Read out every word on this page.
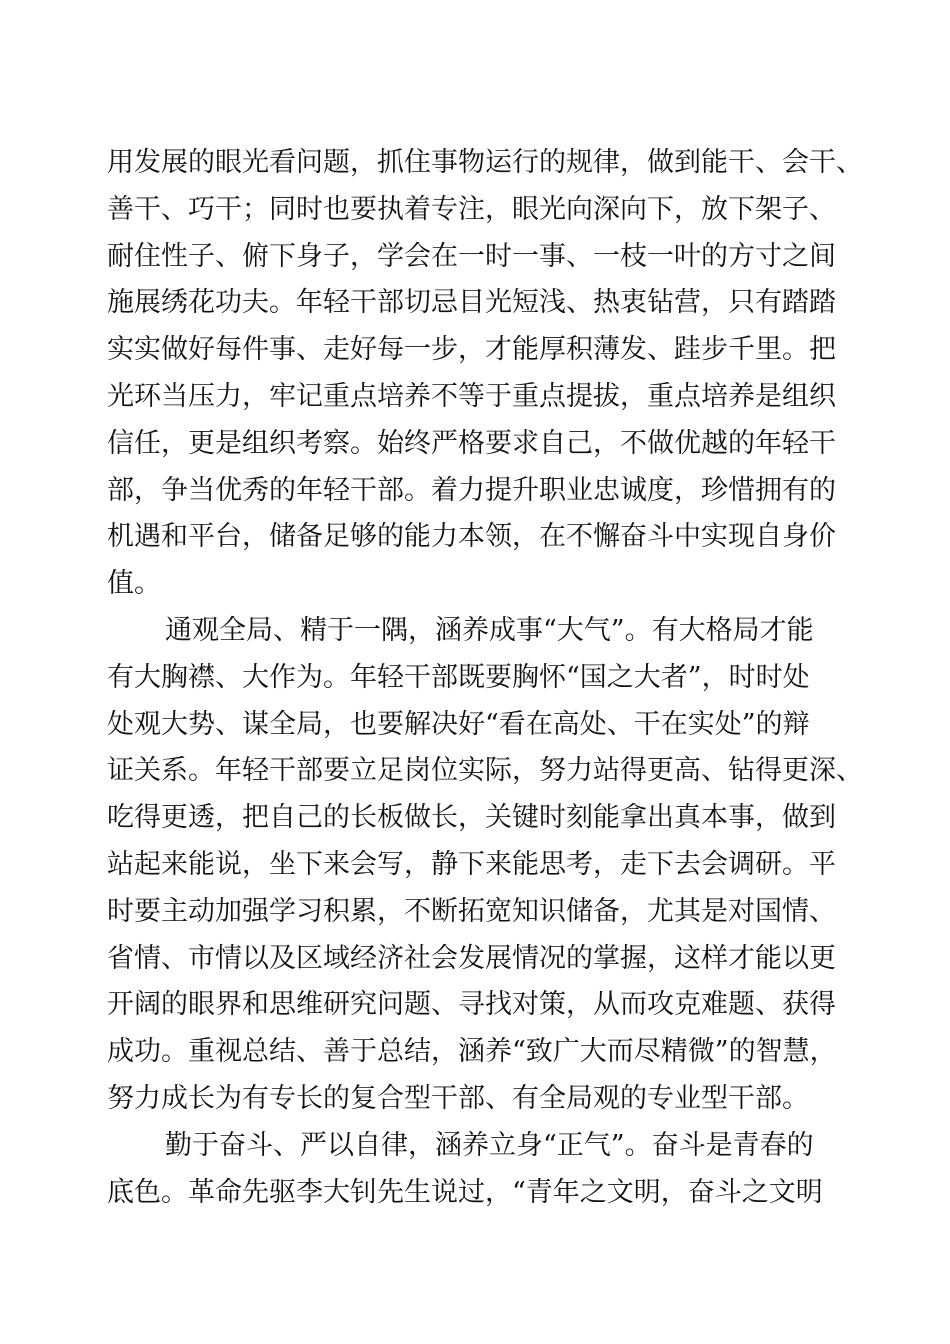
用发展的眼光看问题，抓住事物运行的规律，做到能干、会干、
善干、巧干；同时也要执着专注，眼光向深向下，放下架子、
耐住性子、俯下身子，学会在一时一事、一枝一叶的方寸之间
施展绣花功夫。年轻干部切忌目光短浅、热衷钻营，只有踏踏
实实做好每件事、走好每一步，才能厚积薄发、跬步千里。把
光环当压力，牢记重点培养不等于重点提拔，重点培养是组织
信任，更是组织考察。始终严格要求自己，不做优越的年轻干
部，争当优秀的年轻干部。着力提升职业忠诚度，珍惜拥有的
机遇和平台，储备足够的能力本领，在不懈奋斗中实现自身价
值。
通观全局、精于一隅，涵养成事“大气”。有大格局才能
有大胸襟、大作为。年轻干部既要胸怀“国之大者”，时时处
处观大势、谋全局，也要解决好“看在高处、干在实处”的辩
证关系。年轻干部要立足岗位实际，努力站得更高、钻得更深、
吃得更透，把自己的长板做长，关键时刻能拿出真本事，做到
站起来能说，坐下来会写，静下来能思考，走下去会调研。平
时要主动加强学习积累，不断拓宽知识储备，尤其是对国情、
省情、市情以及区域经济社会发展情况的掌握，这样才能以更
开阔的眼界和思维研究问题、寻找对策，从而攻克难题、获得
成功。重视总结、善于总结，涵养“致广大而尽精微”的智慧，
努力成长为有专长的复合型干部、有全局观的专业型干部。
勤于奋斗、严以自律，涵养立身“正气”。奋斗是青春的
底色。革命先驱李大钊先生说过，“青年之文明，奋斗之文明
